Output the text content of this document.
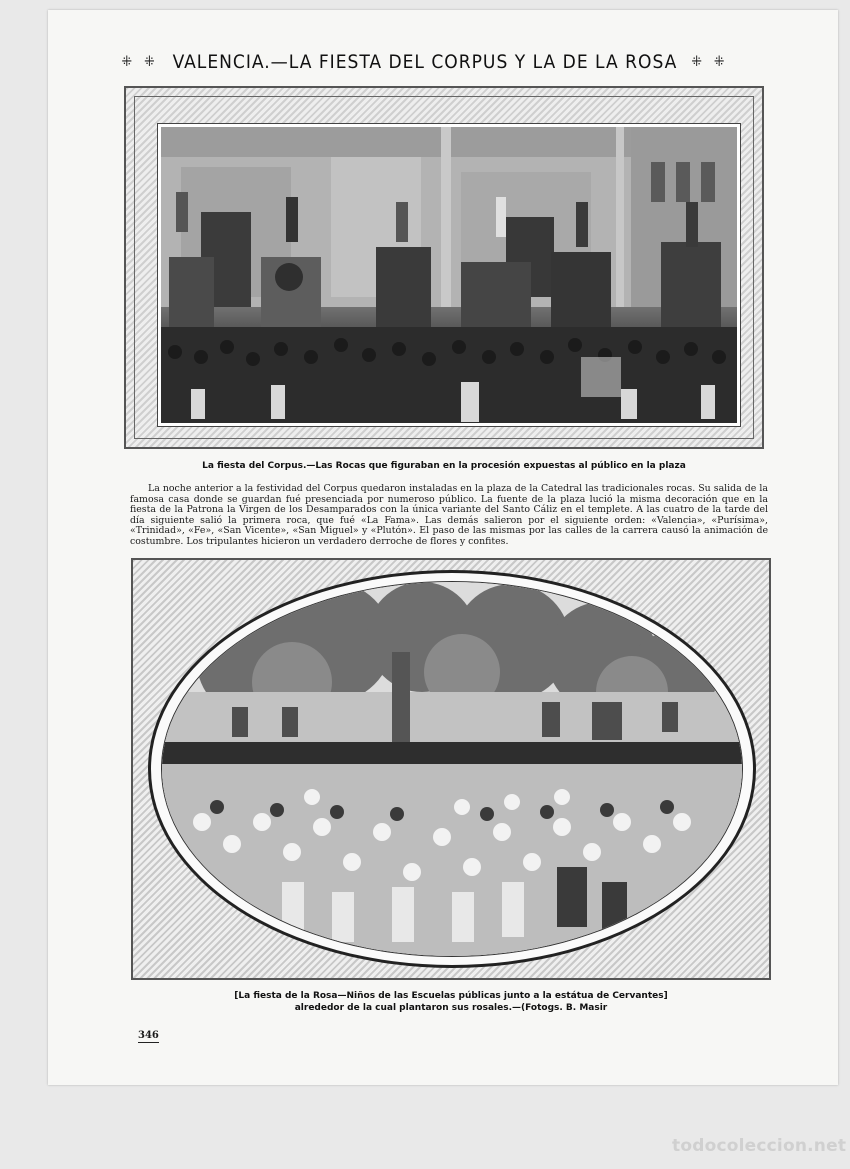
⁜ ⁜ VALENCIA.—LA FIESTA DEL CORPUS Y LA DE LA ROSA ⁜ ⁜
La fiesta del Corpus.—Las Rocas que figuraban en la procesión expuestas al público en la plaza
La noche anterior a la festividad del Corpus quedaron instaladas en la plaza de la Catedral las tradicionales rocas. Su salida de la famosa casa donde se guardan fué presenciada por numeroso público. La fuente de la plaza lució la misma decoración que en la fiesta de la Patrona la Virgen de los Desamparados con la única variante del Santo Cáliz en el templete. A las cuatro de la tarde del día siguiente salió la primera roca, que fué «La Fama». Las demás salieron por el siguiente orden: «Valencia», «Purísima», «Trinidad», «Fe», «San Vicente», «San Miguel» y «Plutón». El paso de las mismas por las calles de la carrera causó la animación de costumbre. Los tripulantes hicieron un verdadero derroche de flores y confites.
[La fiesta de la Rosa—Niños de las Escuelas públicas junto a la estátua de Cervantes]
alrededor de la cual plantaron sus rosales.—(Fotogs. B. Masir
346
todocoleccion.net
